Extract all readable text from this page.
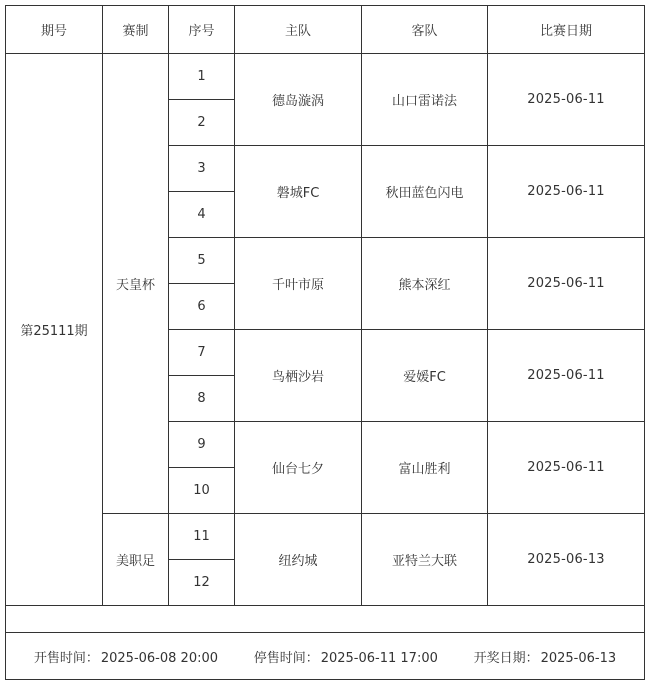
期号	赛制	序号	主队	客队	比赛日期
第25111期	天皇杯	1	德岛漩涡	山口雷诺法	2025-06-11
		2			
		3	磐城FC	秋田蓝色闪电	2025-06-11
		4			
		5	千叶市原	熊本深红	2025-06-11
		6			
		7	鸟栖沙岩	爱媛FC	2025-06-11
		8			
		9	仙台七夕	富山胜利	2025-06-11
		10			
	美职足	11	纽约城	亚特兰大联	2025-06-13
		12			

开售时间： 2025-06-08 20:00 停售时间： 2025-06-11 17:00 开奖日期： 2025-06-13					
